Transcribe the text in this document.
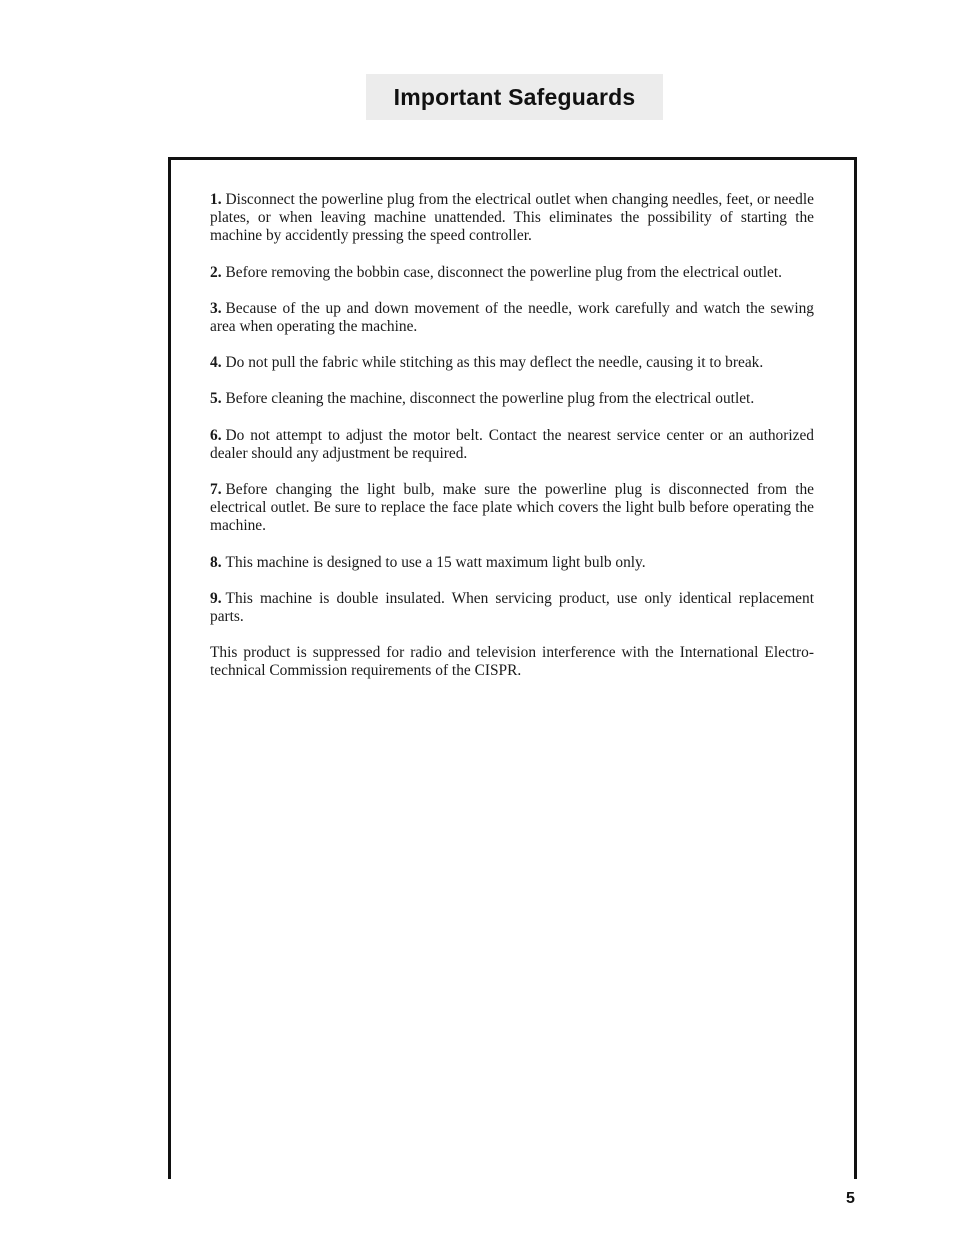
Important Safeguards

1. Disconnect the powerline plug from the electrical outlet when changing needles, feet, or needle plates, or when leaving machine unattended. This eliminates the possibility of starting the machine by accidently pressing the speed controller.

2. Before removing the bobbin case, disconnect the powerline plug from the electrical outlet.

3. Because of the up and down movement of the needle, work carefully and watch the sewing area when operating the machine.

4. Do not pull the fabric while stitching as this may deflect the needle, causing it to break.

5. Before cleaning the machine, disconnect the powerline plug from the electrical outlet.

6. Do not attempt to adjust the motor belt. Contact the nearest service center or an authorized dealer should any adjustment be required.

7. Before changing the light bulb, make sure the powerline plug is disconnected from the electrical outlet. Be sure to replace the face plate which covers the light bulb before operating the machine.

8. This machine is designed to use a 15 watt maximum light bulb only.

9. This machine is double insulated. When servicing product, use only identical replacement parts.

This product is suppressed for radio and television interference with the International Electro-technical Commission requirements of the CISPR.

5
